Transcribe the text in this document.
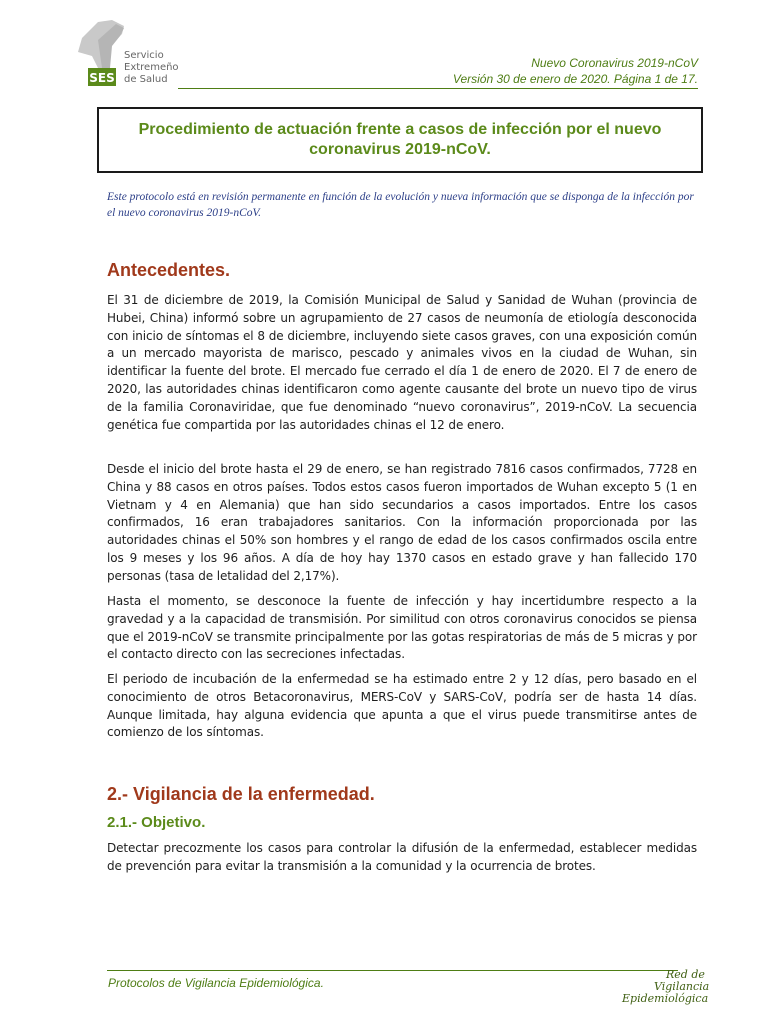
SES
Servicio
Extremeño
de Salud
Nuevo Coronavirus 2019-nCoV
Versión 30 de enero de 2020. Página 1 de 17.
Procedimiento de actuación frente a casos de infección por el nuevo coronavirus 2019-nCoV.
Este protocolo está en revisión permanente en función de la evolución y nueva información que se disponga de la infección por el nuevo coronavirus 2019-nCoV.
Antecedentes.
El 31 de diciembre de 2019, la Comisión Municipal de Salud y Sanidad de Wuhan (provincia de Hubei, China) informó sobre un agrupamiento de 27 casos de neumonía de etiología desconocida con inicio de síntomas el 8 de diciembre, incluyendo siete casos graves, con una exposición común a un mercado mayorista de marisco, pescado y animales vivos en la ciudad de Wuhan, sin identificar la fuente del brote. El mercado fue cerrado el día 1 de enero de 2020. El 7 de enero de 2020, las autoridades chinas identificaron como agente causante del brote un nuevo tipo de virus de la familia Coronaviridae, que fue denominado “nuevo coronavirus”, 2019-nCoV. La secuencia genética fue compartida por las autoridades chinas el 12 de enero.
Desde el inicio del brote hasta el 29 de enero, se han registrado 7816 casos confirmados, 7728 en China y 88 casos en otros países. Todos estos casos fueron importados de Wuhan excepto 5 (1 en Vietnam y 4 en Alemania) que han sido secundarios a casos importados. Entre los casos confirmados, 16 eran trabajadores sanitarios. Con la información proporcionada por las autoridades chinas el 50% son hombres y el rango de edad de los casos confirmados oscila entre los 9 meses y los 96 años. A día de hoy hay 1370 casos en estado grave y han fallecido 170 personas (tasa de letalidad del 2,17%).
Hasta el momento, se desconoce la fuente de infección y hay incertidumbre respecto a la gravedad y a la capacidad de transmisión. Por similitud con otros coronavirus conocidos se piensa que el 2019-nCoV se transmite principalmente por las gotas respiratorias de más de 5 micras y por el contacto directo con las secreciones infectadas.
El periodo de incubación de la enfermedad se ha estimado entre 2 y 12 días, pero basado en el conocimiento de otros Betacoronavirus, MERS-CoV y SARS-CoV, podría ser de hasta 14 días. Aunque limitada, hay alguna evidencia que apunta a que el virus puede transmitirse antes de comienzo de los síntomas.
2.- Vigilancia de la enfermedad.
2.1.- Objetivo.
Detectar precozmente los casos para controlar la difusión de la enfermedad, establecer medidas de prevención para evitar la transmisión a la comunidad y la ocurrencia de brotes.
Protocolos de Vigilancia Epidemiológica.
Red de
Vigilancia
Epidemiológica
